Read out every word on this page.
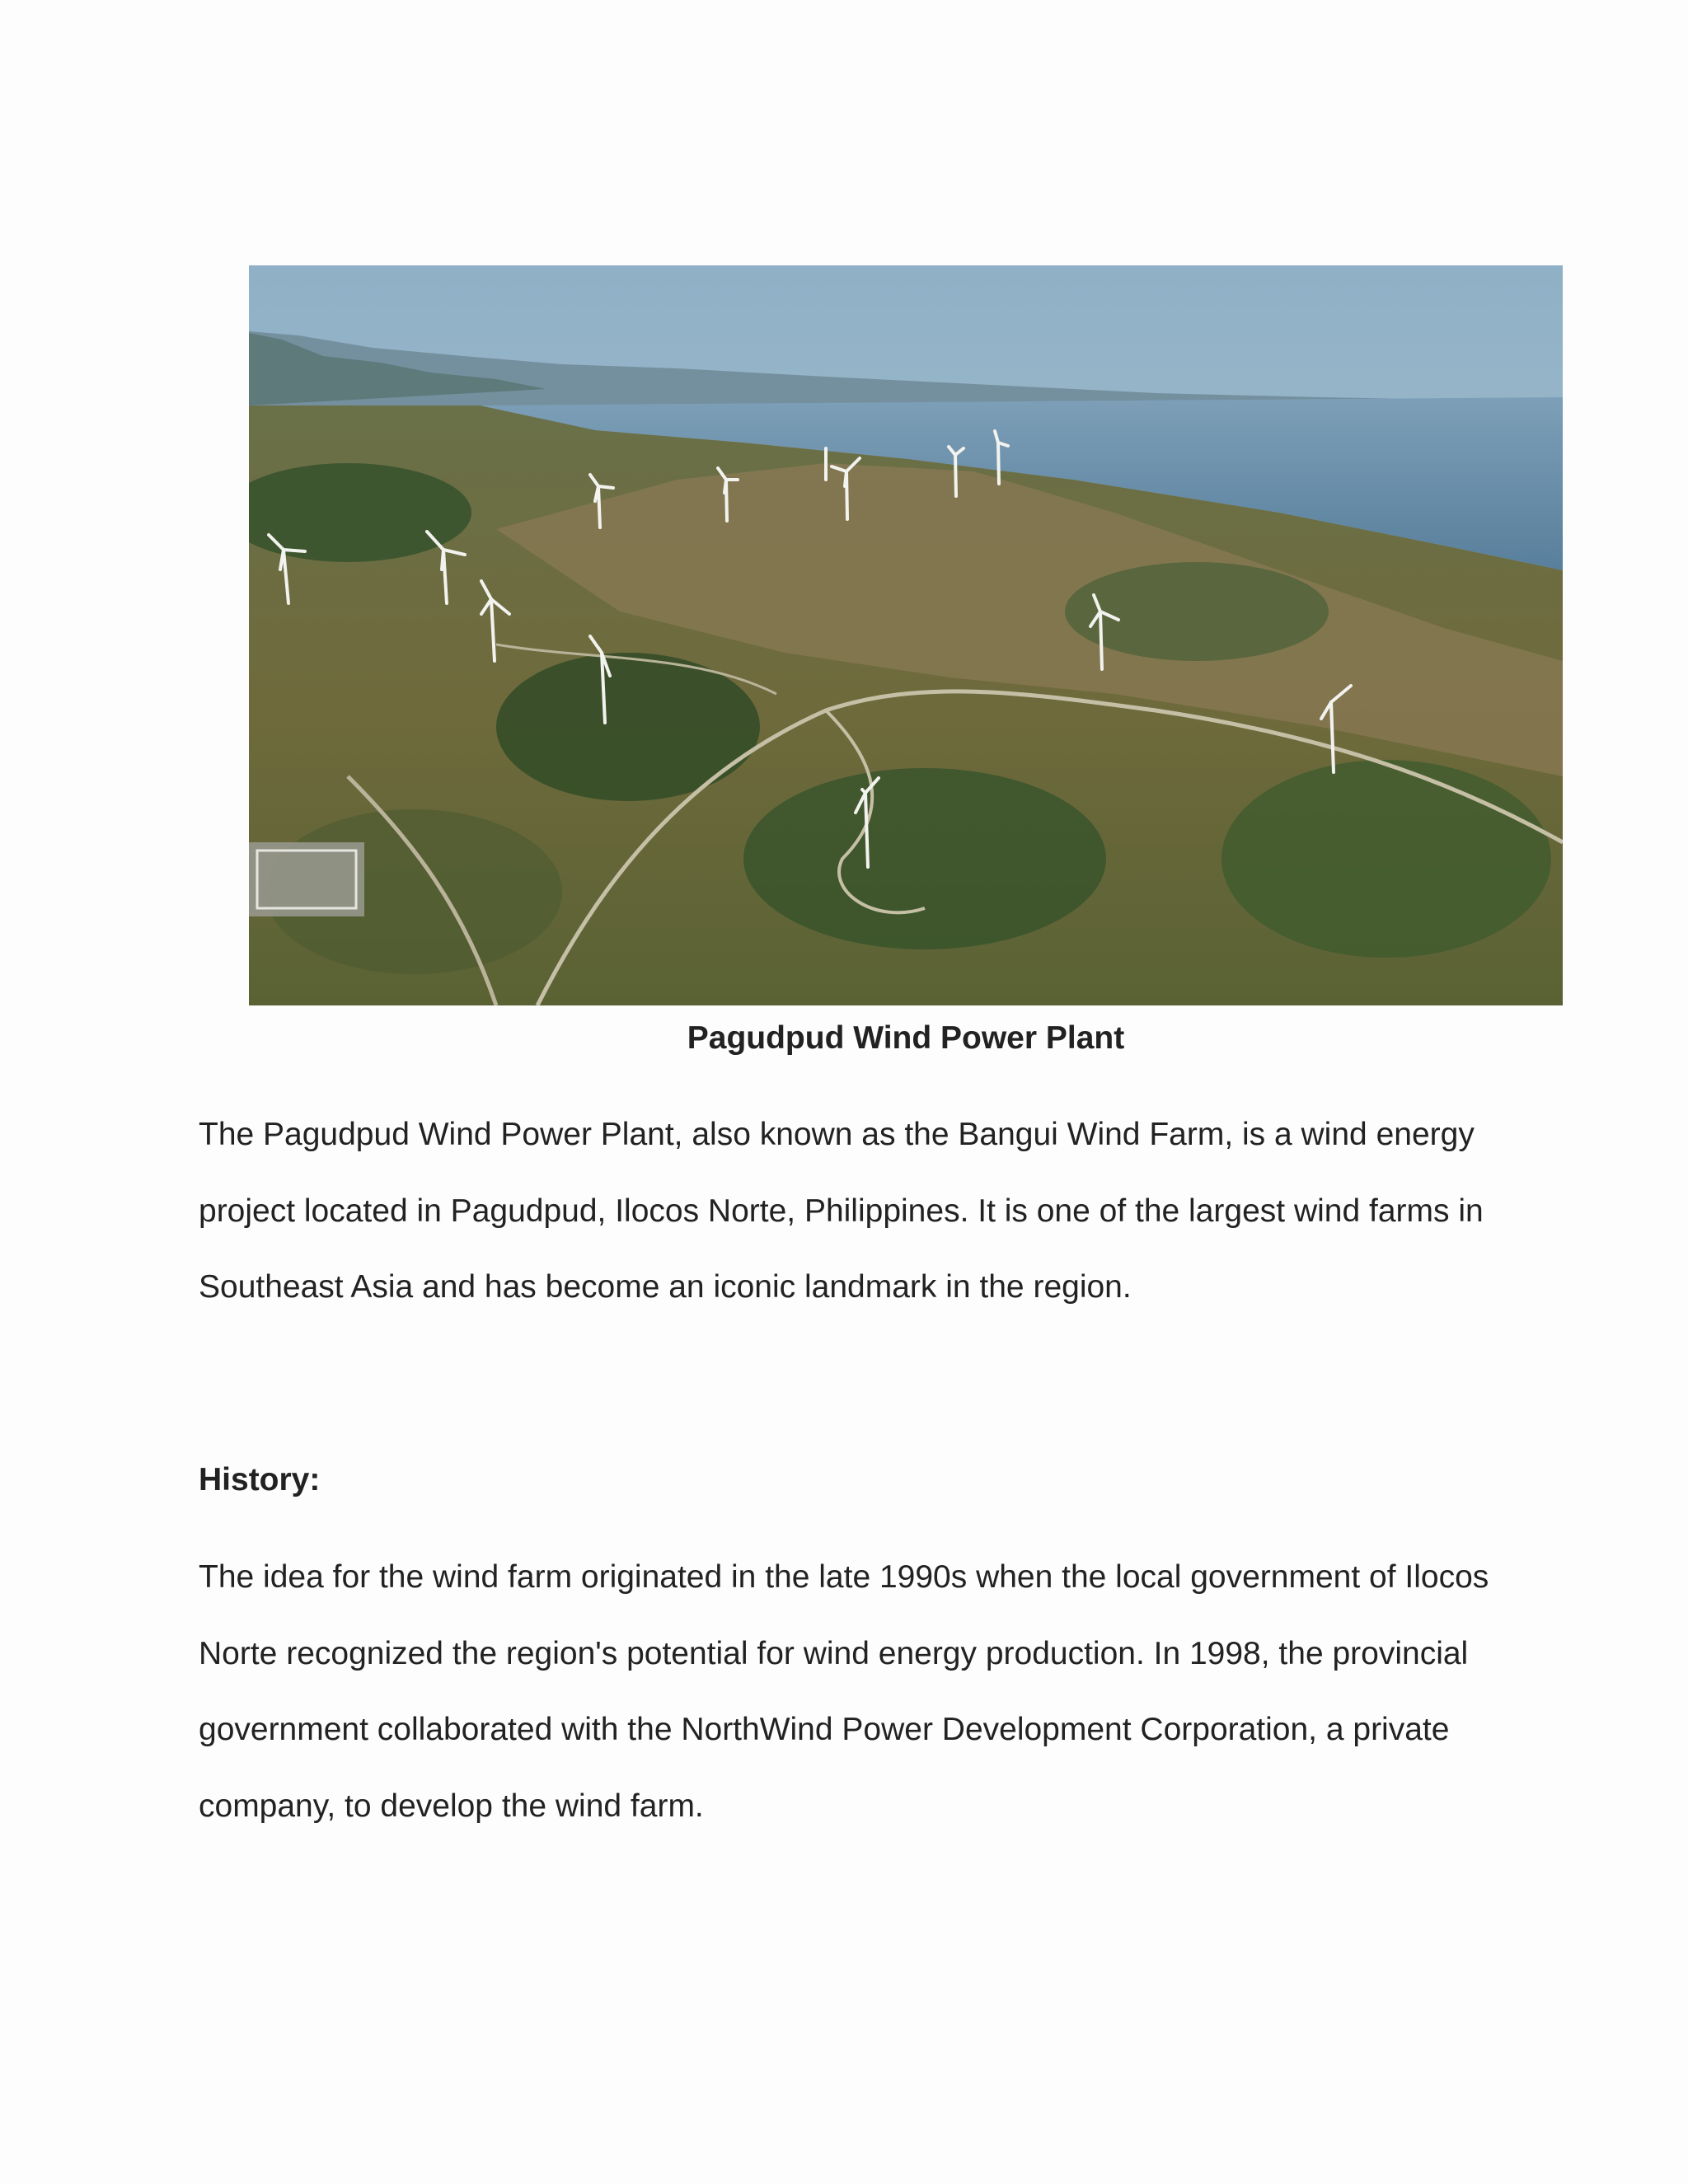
Pagudpud Wind Power Plant
The Pagudpud Wind Power Plant, also known as the Bangui Wind Farm, is a wind energy
project located in Pagudpud, Ilocos Norte, Philippines. It is one of the largest wind farms in
Southeast Asia and has become an iconic landmark in the region.
History:
The idea for the wind farm originated in the late 1990s when the local government of Ilocos
Norte recognized the region's potential for wind energy production. In 1998, the provincial
government collaborated with the NorthWind Power Development Corporation, a private
company, to develop the wind farm.
